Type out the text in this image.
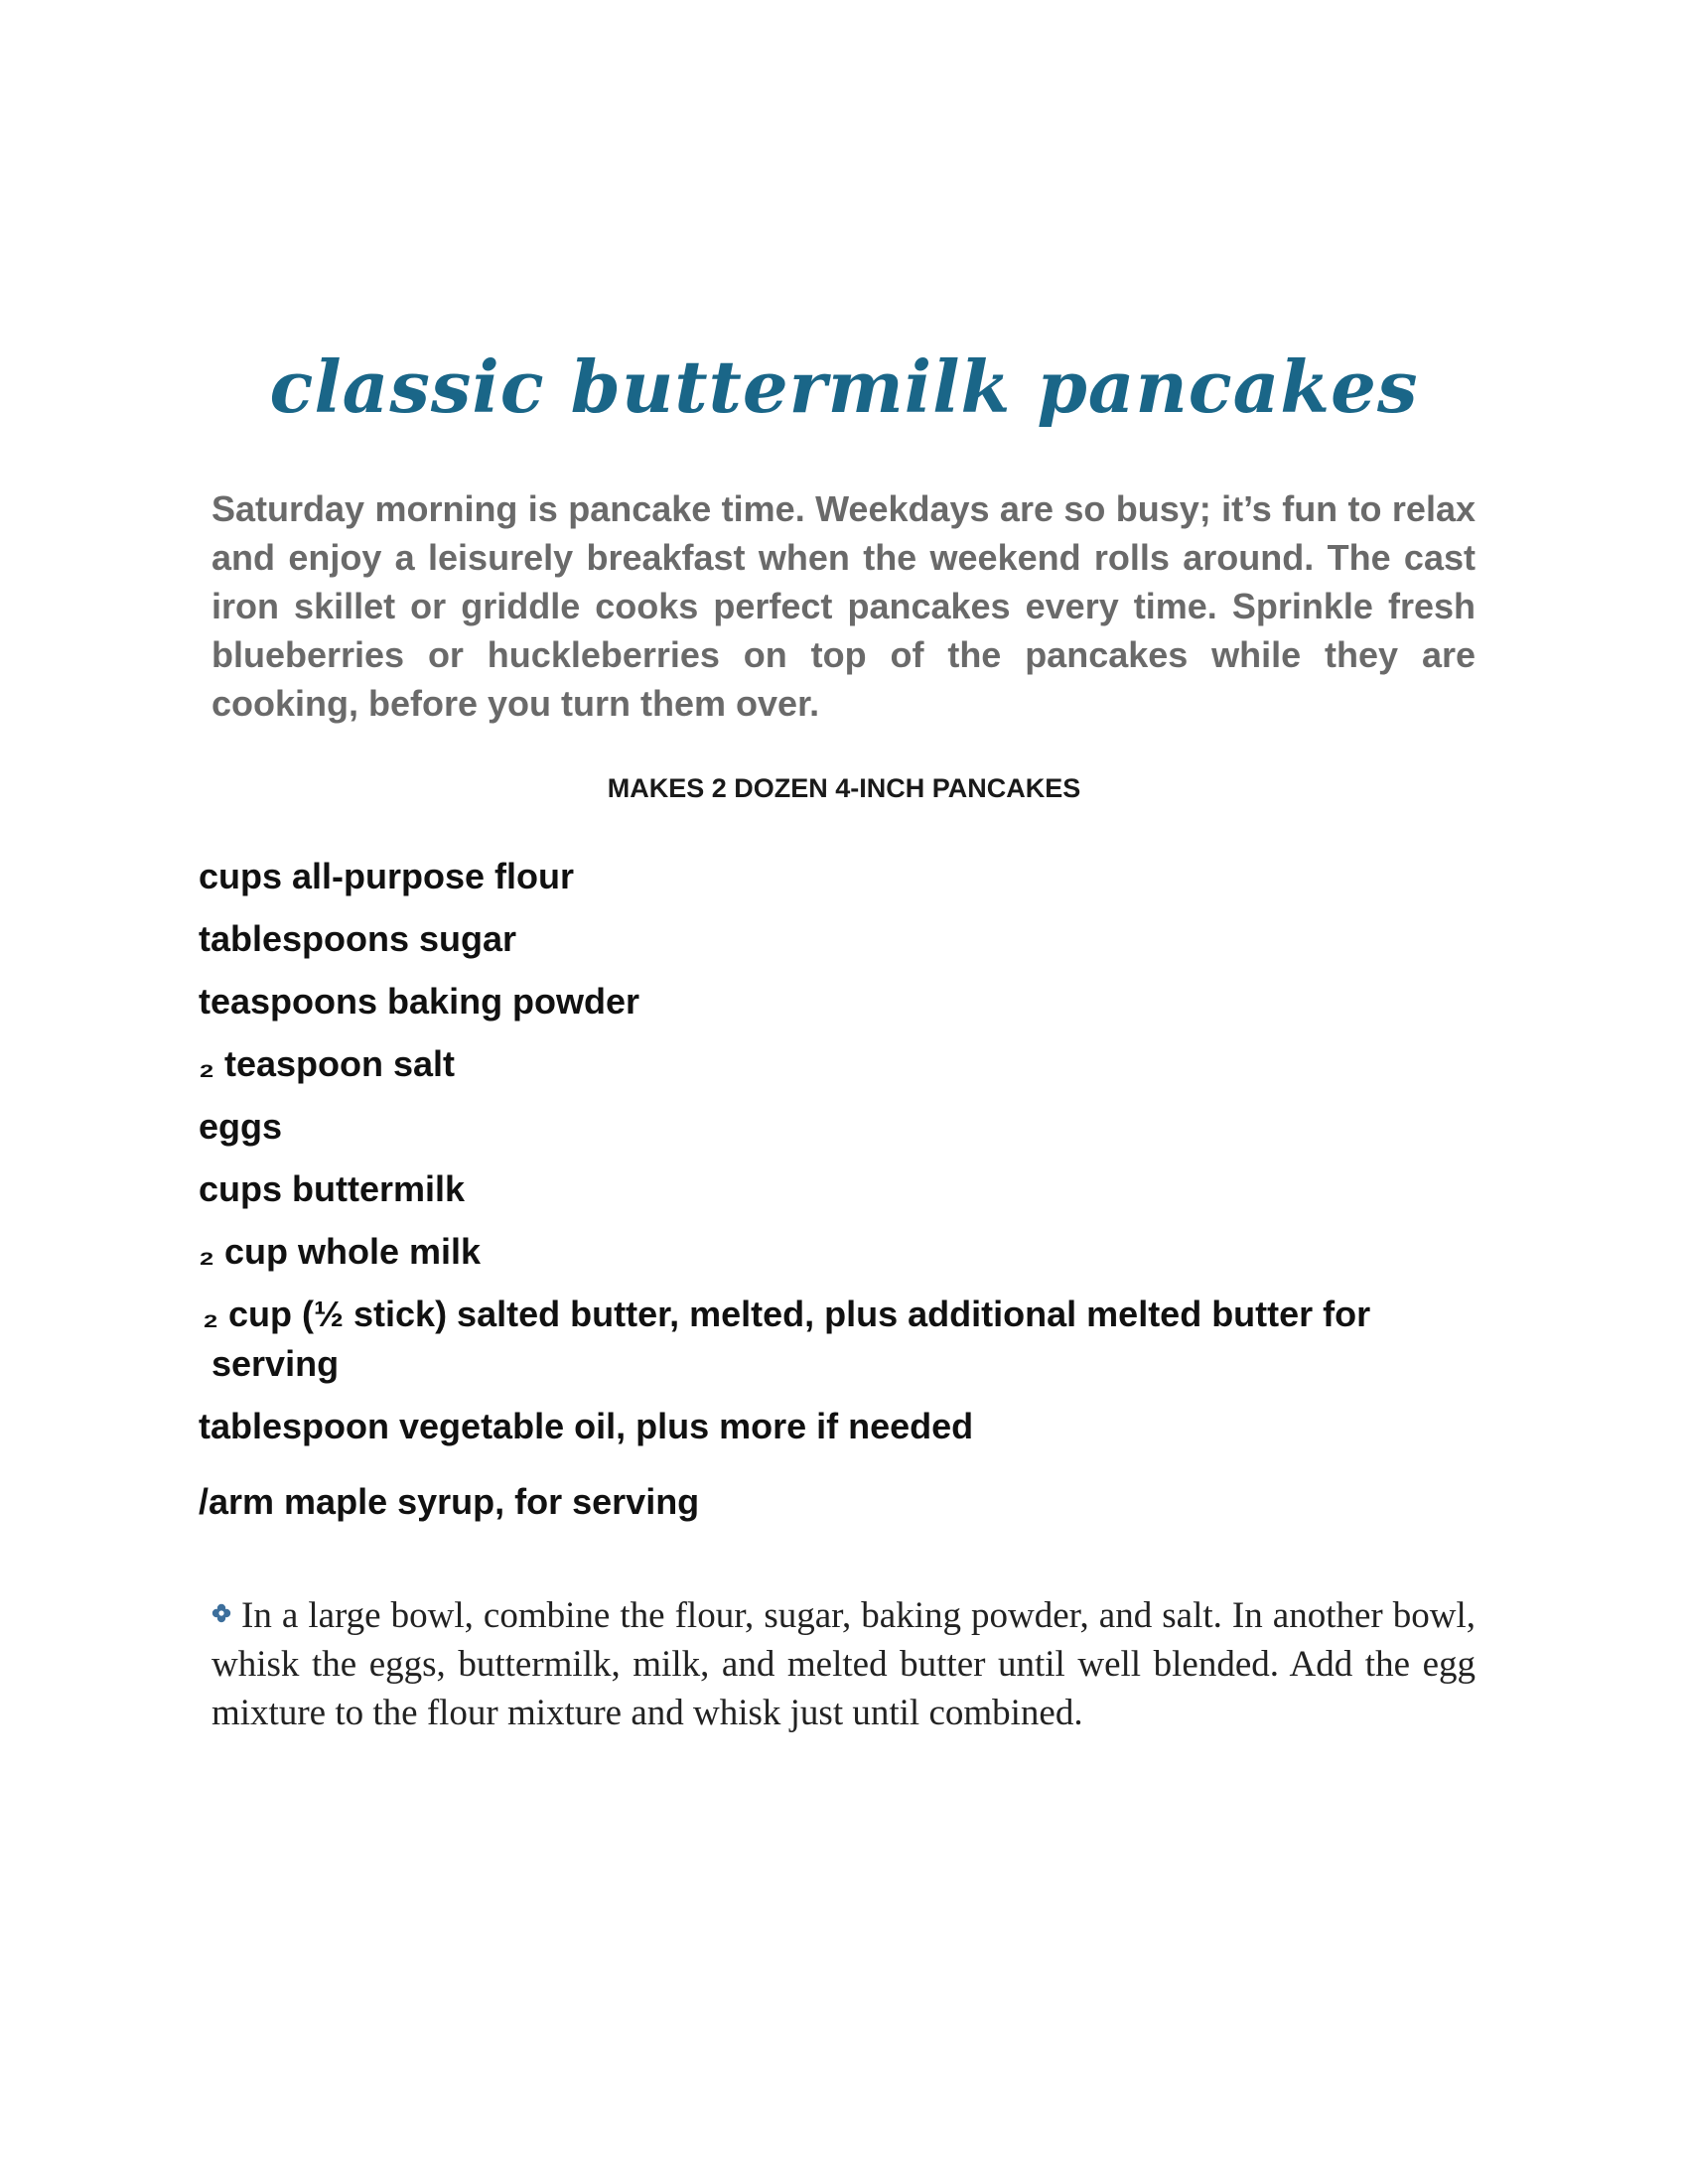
classic buttermilk pancakes

Saturday morning is pancake time. Weekdays are so busy; it’s fun to relax and enjoy a leisurely breakfast when the weekend rolls around. The cast iron skillet or griddle cooks perfect pancakes every time. Sprinkle fresh blueberries or huckleberries on top of the pancakes while they are cooking, before you turn them over.

MAKES 2 DOZEN 4-INCH PANCAKES
cups all-purpose flour
tablespoons sugar
teaspoons baking powder
₂ teaspoon salt
eggs
cups buttermilk
₂ cup whole milk
₂ cup (½ stick) salted butter, melted, plus additional melted butter for serving
tablespoon vegetable oil, plus more if needed
/arm maple syrup, for serving

In a large bowl, combine the flour, sugar, baking powder, and salt. In another bowl, whisk the eggs, buttermilk, milk, and melted butter until well blended. Add the egg mixture to the flour mixture and whisk just until combined.
